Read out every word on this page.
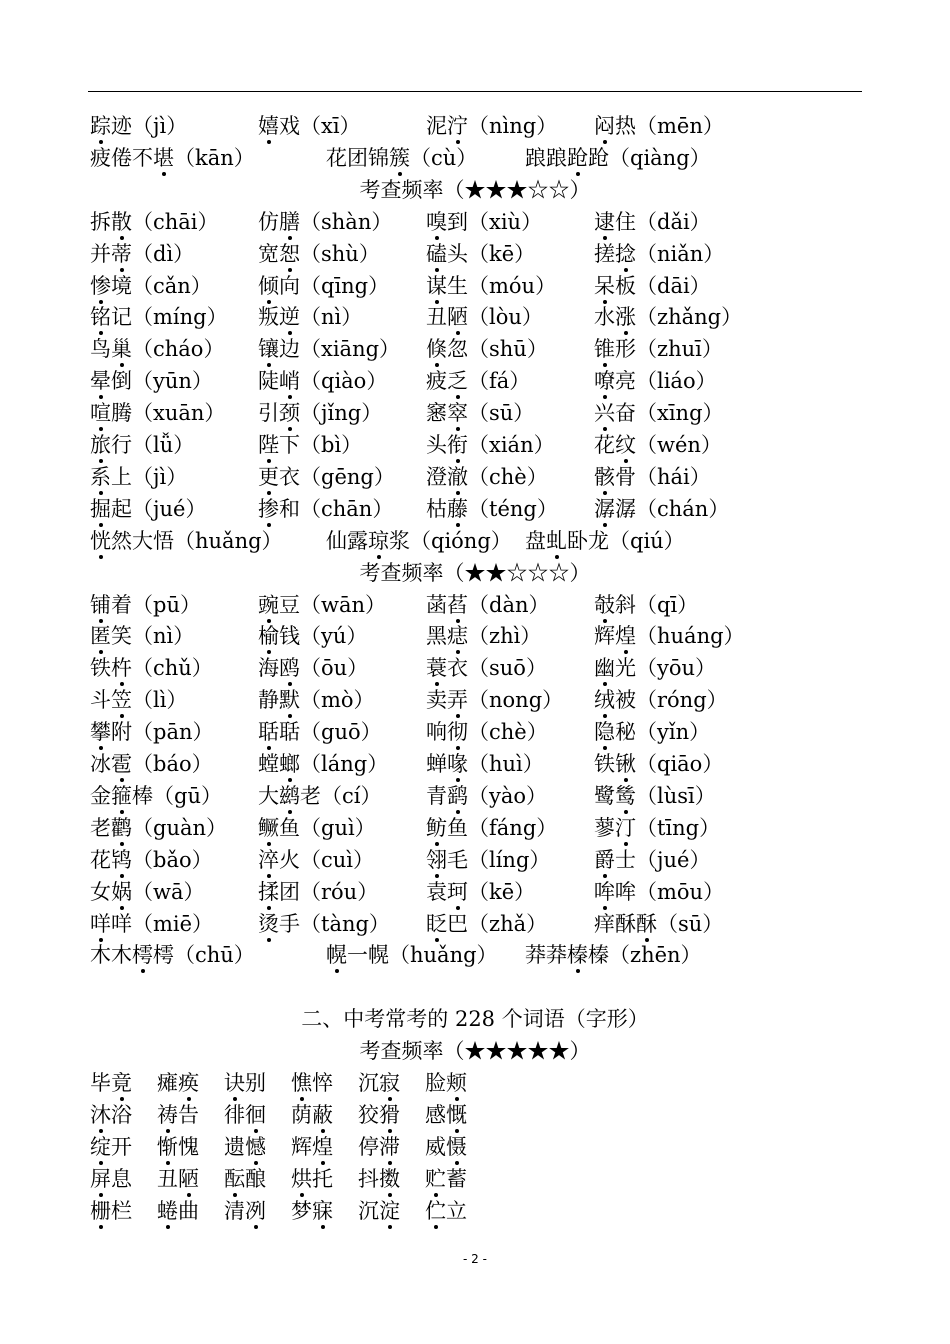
踪迹（jì）	嬉戏（xī）	泥泞（nìng） 闷热（mēn）
疲倦不堪（kān）	花团锦簇（cù） 踉踉跄跄（qiàng）
考查频率（★★★☆☆）
拆散（chāi） 仿膳（shàn） 嗅到（xiù） 逮住（dǎi）
并蒂（dì）	宽恕（shù） 磕头（kē）	搓捻（niǎn）
惨境（cǎn） 倾向（qīng） 谋生（móu） 呆板（dāi）
铭记（míng） 叛逆（nì）	丑陋（lòu） 水涨（zhǎng）
鸟巢（cháo） 镶边（xiāng） 倏忽（shū） 锥形（zhuī）
晕倒（yūn） 陡峭（qiào） 疲乏（fá）	嘹亮（liáo）
喧腾（xuān） 引颈（jǐng） 窸窣（sū）	兴奋（xīng）
旅行（lǚ）	陛下（bì）	头衔（xián） 花纹（wén）
系上（jì）	更衣（gēng） 澄澈（chè） 骸骨（hái）
掘起（jué） 掺和（chān） 枯藤（téng） 潺潺（chán）
恍然大悟（huǎng） 仙露琼浆（qióng） 盘虬卧龙（qiú）
考查频率（★★☆☆☆）
铺着（pū）	豌豆（wān） 菡萏（dàn） 攲斜（qī）
匿笑（nì）	榆钱（yú）	黑痣（zhì）	辉煌（huáng）
铁杵（chǔ） 海鸥（ōu）	蓑衣（suō） 幽光（yōu）
斗笠（lì）	静默（mò） 卖弄（nong） 绒被（róng）
攀附（pān） 聒聒（guō） 响彻（chè） 隐秘（yǐn）
冰雹（báo） 螳螂（láng） 蝉喙（huì） 铁锹（qiāo）
金箍棒（gū） 大鹚老（cí） 青鹞（yào） 鹭鸶（lùsī）
老鹳（guàn） 鳜鱼（guì） 鲂鱼（fáng） 蓼汀（tīng）
花鸨（bǎo） 淬火（cuì） 翎毛（líng） 爵士（jué）
女娲（wā）	揉团（róu） 袁珂（kē）	哞哞（mōu）
咩咩（miē） 烫手（tàng） 眨巴（zhǎ） 痒酥酥（sū）
木木樗樗（chū）	幌一幌（huǎng） 莽莽榛榛（zhēn）
二、中考常考的 228 个词语（字形）
考查频率（★★★★★）
毕竟 瘫痪 诀别 憔悴 沉寂 脸颊
沐浴 祷告 徘徊 荫蔽 狡猾 感慨
绽开 惭愧 遗憾 辉煌 停滞 威慑
屏息 丑陋 酝酿 烘托 抖擞 贮蓄
栅栏 蜷曲 清冽 梦寐 沉淀 伫立
- 2 -
